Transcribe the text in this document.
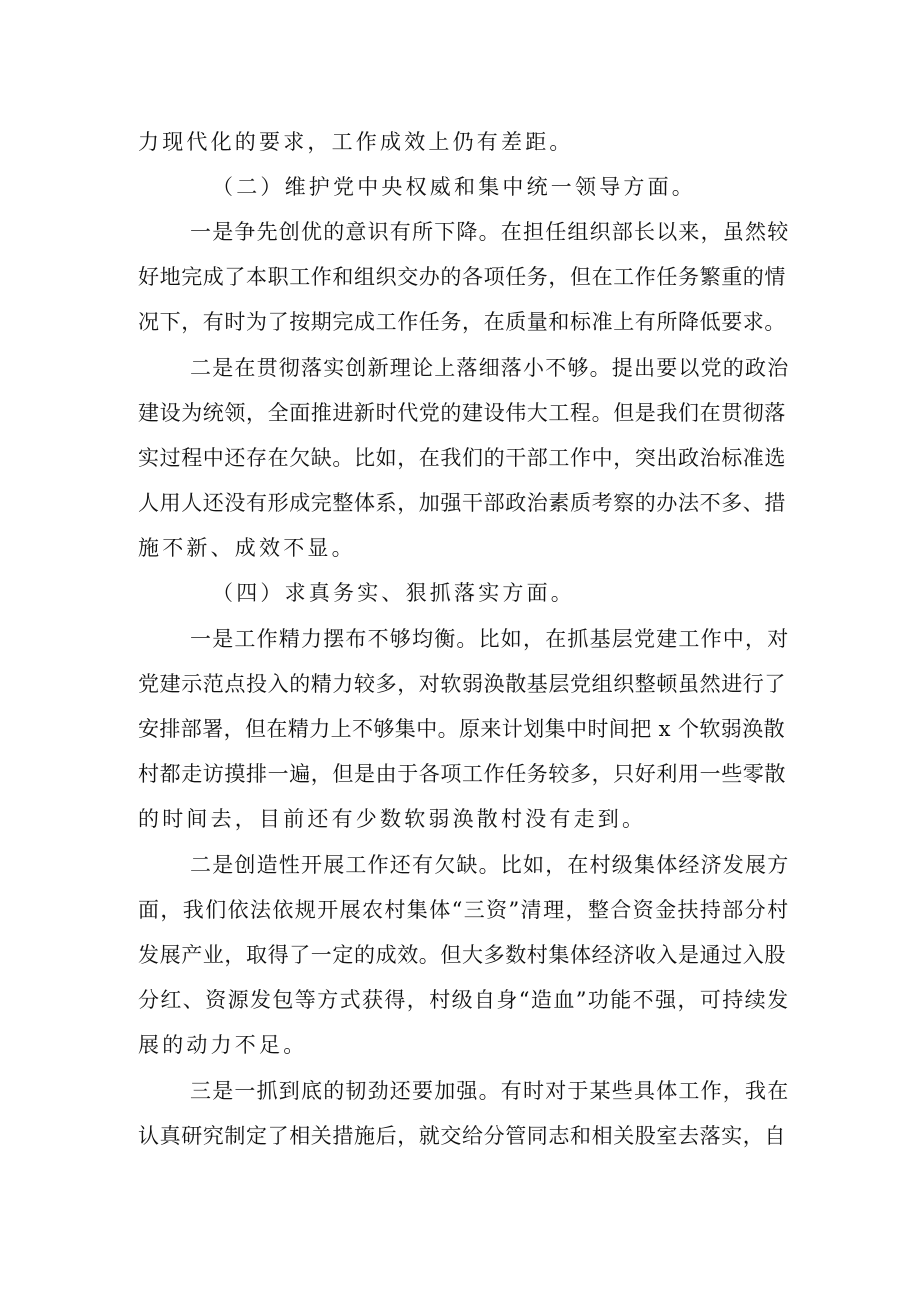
力现代化的要求，工作成效上仍有差距。
（二）维护党中央权威和集中统一领导方面。
一是争先创优的意识有所下降。在担任组织部长以来，虽然较
好地完成了本职工作和组织交办的各项任务，但在工作任务繁重的情
况下，有时为了按期完成工作任务，在质量和标准上有所降低要求。
二是在贯彻落实创新理论上落细落小不够。提出要以党的政治
建设为统领，全面推进新时代党的建设伟大工程。但是我们在贯彻落
实过程中还存在欠缺。比如，在我们的干部工作中，突出政治标准选
人用人还没有形成完整体系，加强干部政治素质考察的办法不多、措
施不新、成效不显。
（四）求真务实、狠抓落实方面。
一是工作精力摆布不够均衡。比如，在抓基层党建工作中，对
党建示范点投入的精力较多，对软弱涣散基层党组织整顿虽然进行了
安排部署，但在精力上不够集中。原来计划集中时间把 x 个软弱涣散
村都走访摸排一遍，但是由于各项工作任务较多，只好利用一些零散
的时间去，目前还有少数软弱涣散村没有走到。
二是创造性开展工作还有欠缺。比如，在村级集体经济发展方
面，我们依法依规开展农村集体“三资”清理，整合资金扶持部分村
发展产业，取得了一定的成效。但大多数村集体经济收入是通过入股
分红、资源发包等方式获得，村级自身“造血”功能不强，可持续发
展的动力不足。
三是一抓到底的韧劲还要加强。有时对于某些具体工作，我在
认真研究制定了相关措施后，就交给分管同志和相关股室去落实，自
